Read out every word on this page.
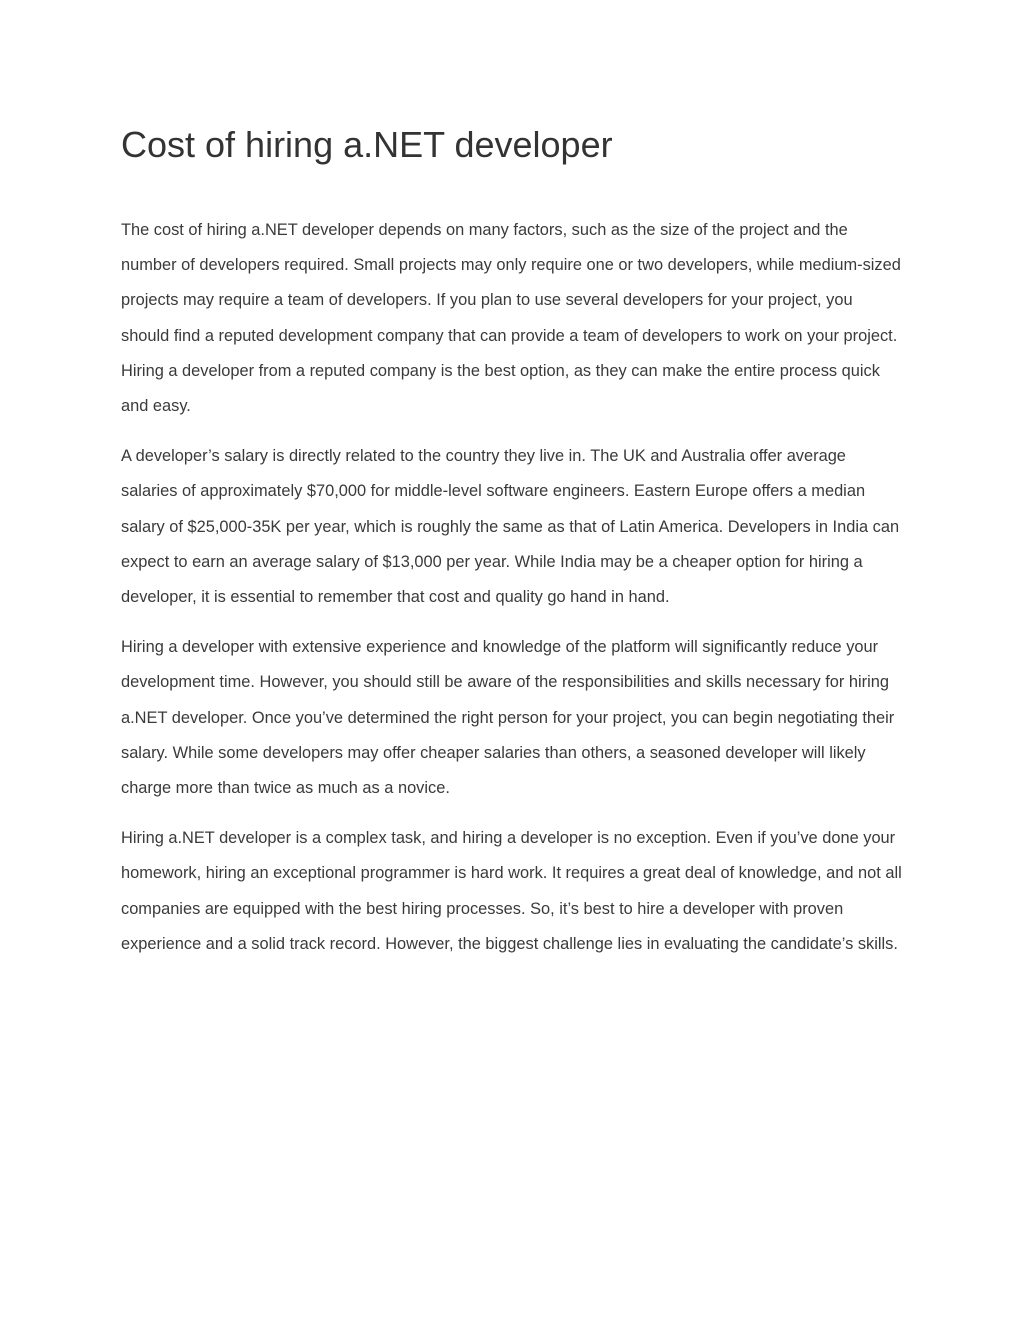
Cost of hiring a.NET developer

The cost of hiring a.NET developer depends on many factors, such as the size of the project and the number of developers required. Small projects may only require one or two developers, while medium-sized projects may require a team of developers. If you plan to use several developers for your project, you should find a reputed development company that can provide a team of developers to work on your project. Hiring a developer from a reputed company is the best option, as they can make the entire process quick and easy.

A developer’s salary is directly related to the country they live in. The UK and Australia offer average salaries of approximately $70,000 for middle-level software engineers. Eastern Europe offers a median salary of $25,000-35K per year, which is roughly the same as that of Latin America. Developers in India can expect to earn an average salary of $13,000 per year. While India may be a cheaper option for hiring a developer, it is essential to remember that cost and quality go hand in hand.

Hiring a developer with extensive experience and knowledge of the platform will significantly reduce your development time. However, you should still be aware of the responsibilities and skills necessary for hiring a.NET developer. Once you’ve determined the right person for your project, you can begin negotiating their salary. While some developers may offer cheaper salaries than others, a seasoned developer will likely charge more than twice as much as a novice.

Hiring a.NET developer is a complex task, and hiring a developer is no exception. Even if you’ve done your homework, hiring an exceptional programmer is hard work. It requires a great deal of knowledge, and not all companies are equipped with the best hiring processes. So, it’s best to hire a developer with proven experience and a solid track record. However, the biggest challenge lies in evaluating the candidate’s skills.
